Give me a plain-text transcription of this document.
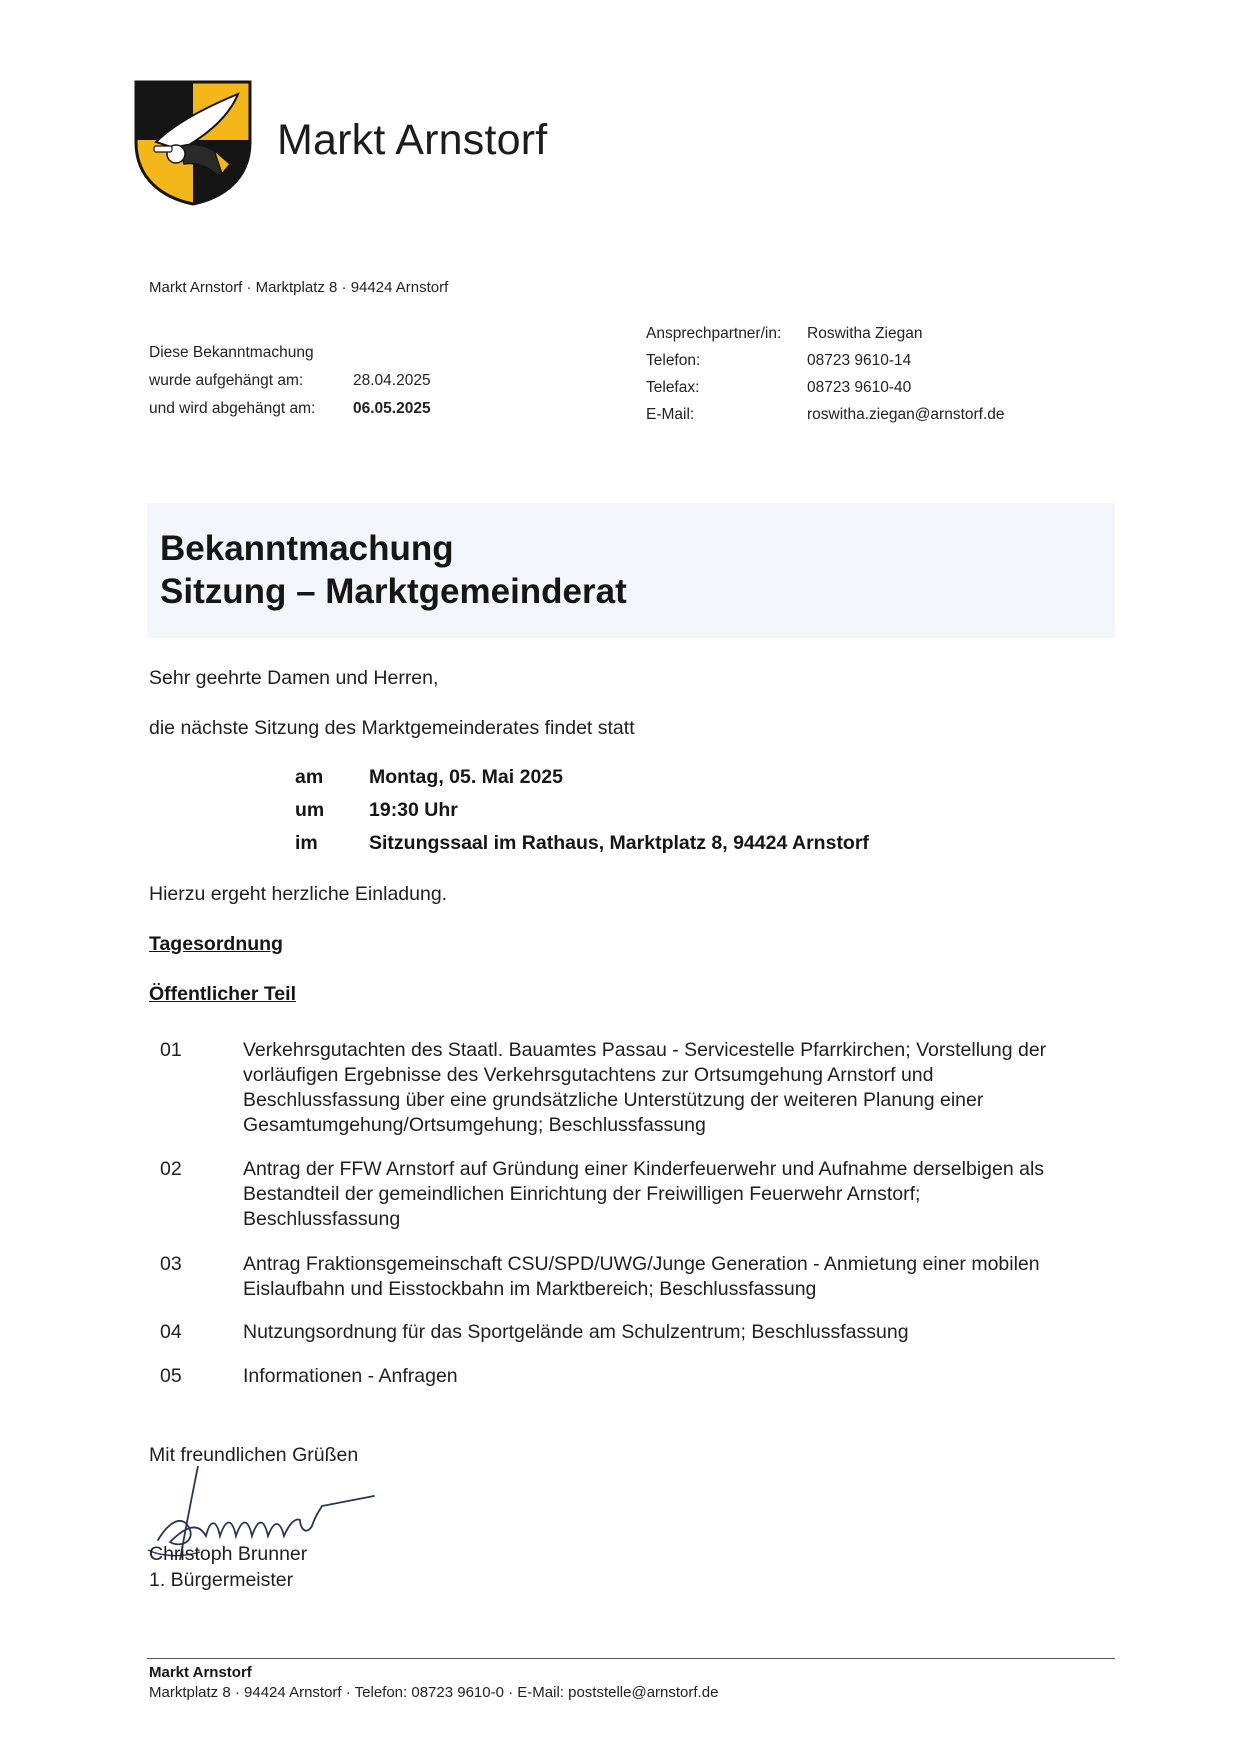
Markt Arnstorf
Markt Arnstorf · Marktplatz 8 · 94424 Arnstorf
Diese Bekanntmachung
wurde aufgehängt am:	28.04.2025
und wird abgehängt am: 06.05.2025
Ansprechpartner/in: Roswitha Ziegan
Telefon:	08723 9610-14
Telefax:	08723 9610-40
E-Mail:	roswitha.ziegan@arnstorf.de
Bekanntmachung
Sitzung – Marktgemeinderat
Sehr geehrte Damen und Herren,
die nächste Sitzung des Marktgemeinderates findet statt
am Montag, 05. Mai 2025
um 19:30 Uhr
im	Sitzungssaal im Rathaus, Marktplatz 8, 94424 Arnstorf
Hierzu ergeht herzliche Einladung.
Tagesordnung
Öffentlicher Teil
01	Verkehrsgutachten des Staatl. Bauamtes Passau - Servicestelle Pfarrkirchen; Vorstellung der
vorläufigen Ergebnisse des Verkehrsgutachtens zur Ortsumgehung Arnstorf und
Beschlussfassung über eine grundsätzliche Unterstützung der weiteren Planung einer
Gesamtumgehung/Ortsumgehung; Beschlussfassung
02	Antrag der FFW Arnstorf auf Gründung einer Kinderfeuerwehr und Aufnahme derselbigen als
Bestandteil der gemeindlichen Einrichtung der Freiwilligen Feuerwehr Arnstorf;
Beschlussfassung
03	Antrag Fraktionsgemeinschaft CSU/SPD/UWG/Junge Generation - Anmietung einer mobilen
Eislaufbahn und Eisstockbahn im Marktbereich; Beschlussfassung
04	Nutzungsordnung für das Sportgelände am Schulzentrum; Beschlussfassung
05	Informationen - Anfragen
Mit freundlichen Grüßen
Christoph Brunner
1. Bürgermeister
Markt Arnstorf
Marktplatz 8 · 94424 Arnstorf · Telefon: 08723 9610-0 · E-Mail: poststelle@arnstorf.de
